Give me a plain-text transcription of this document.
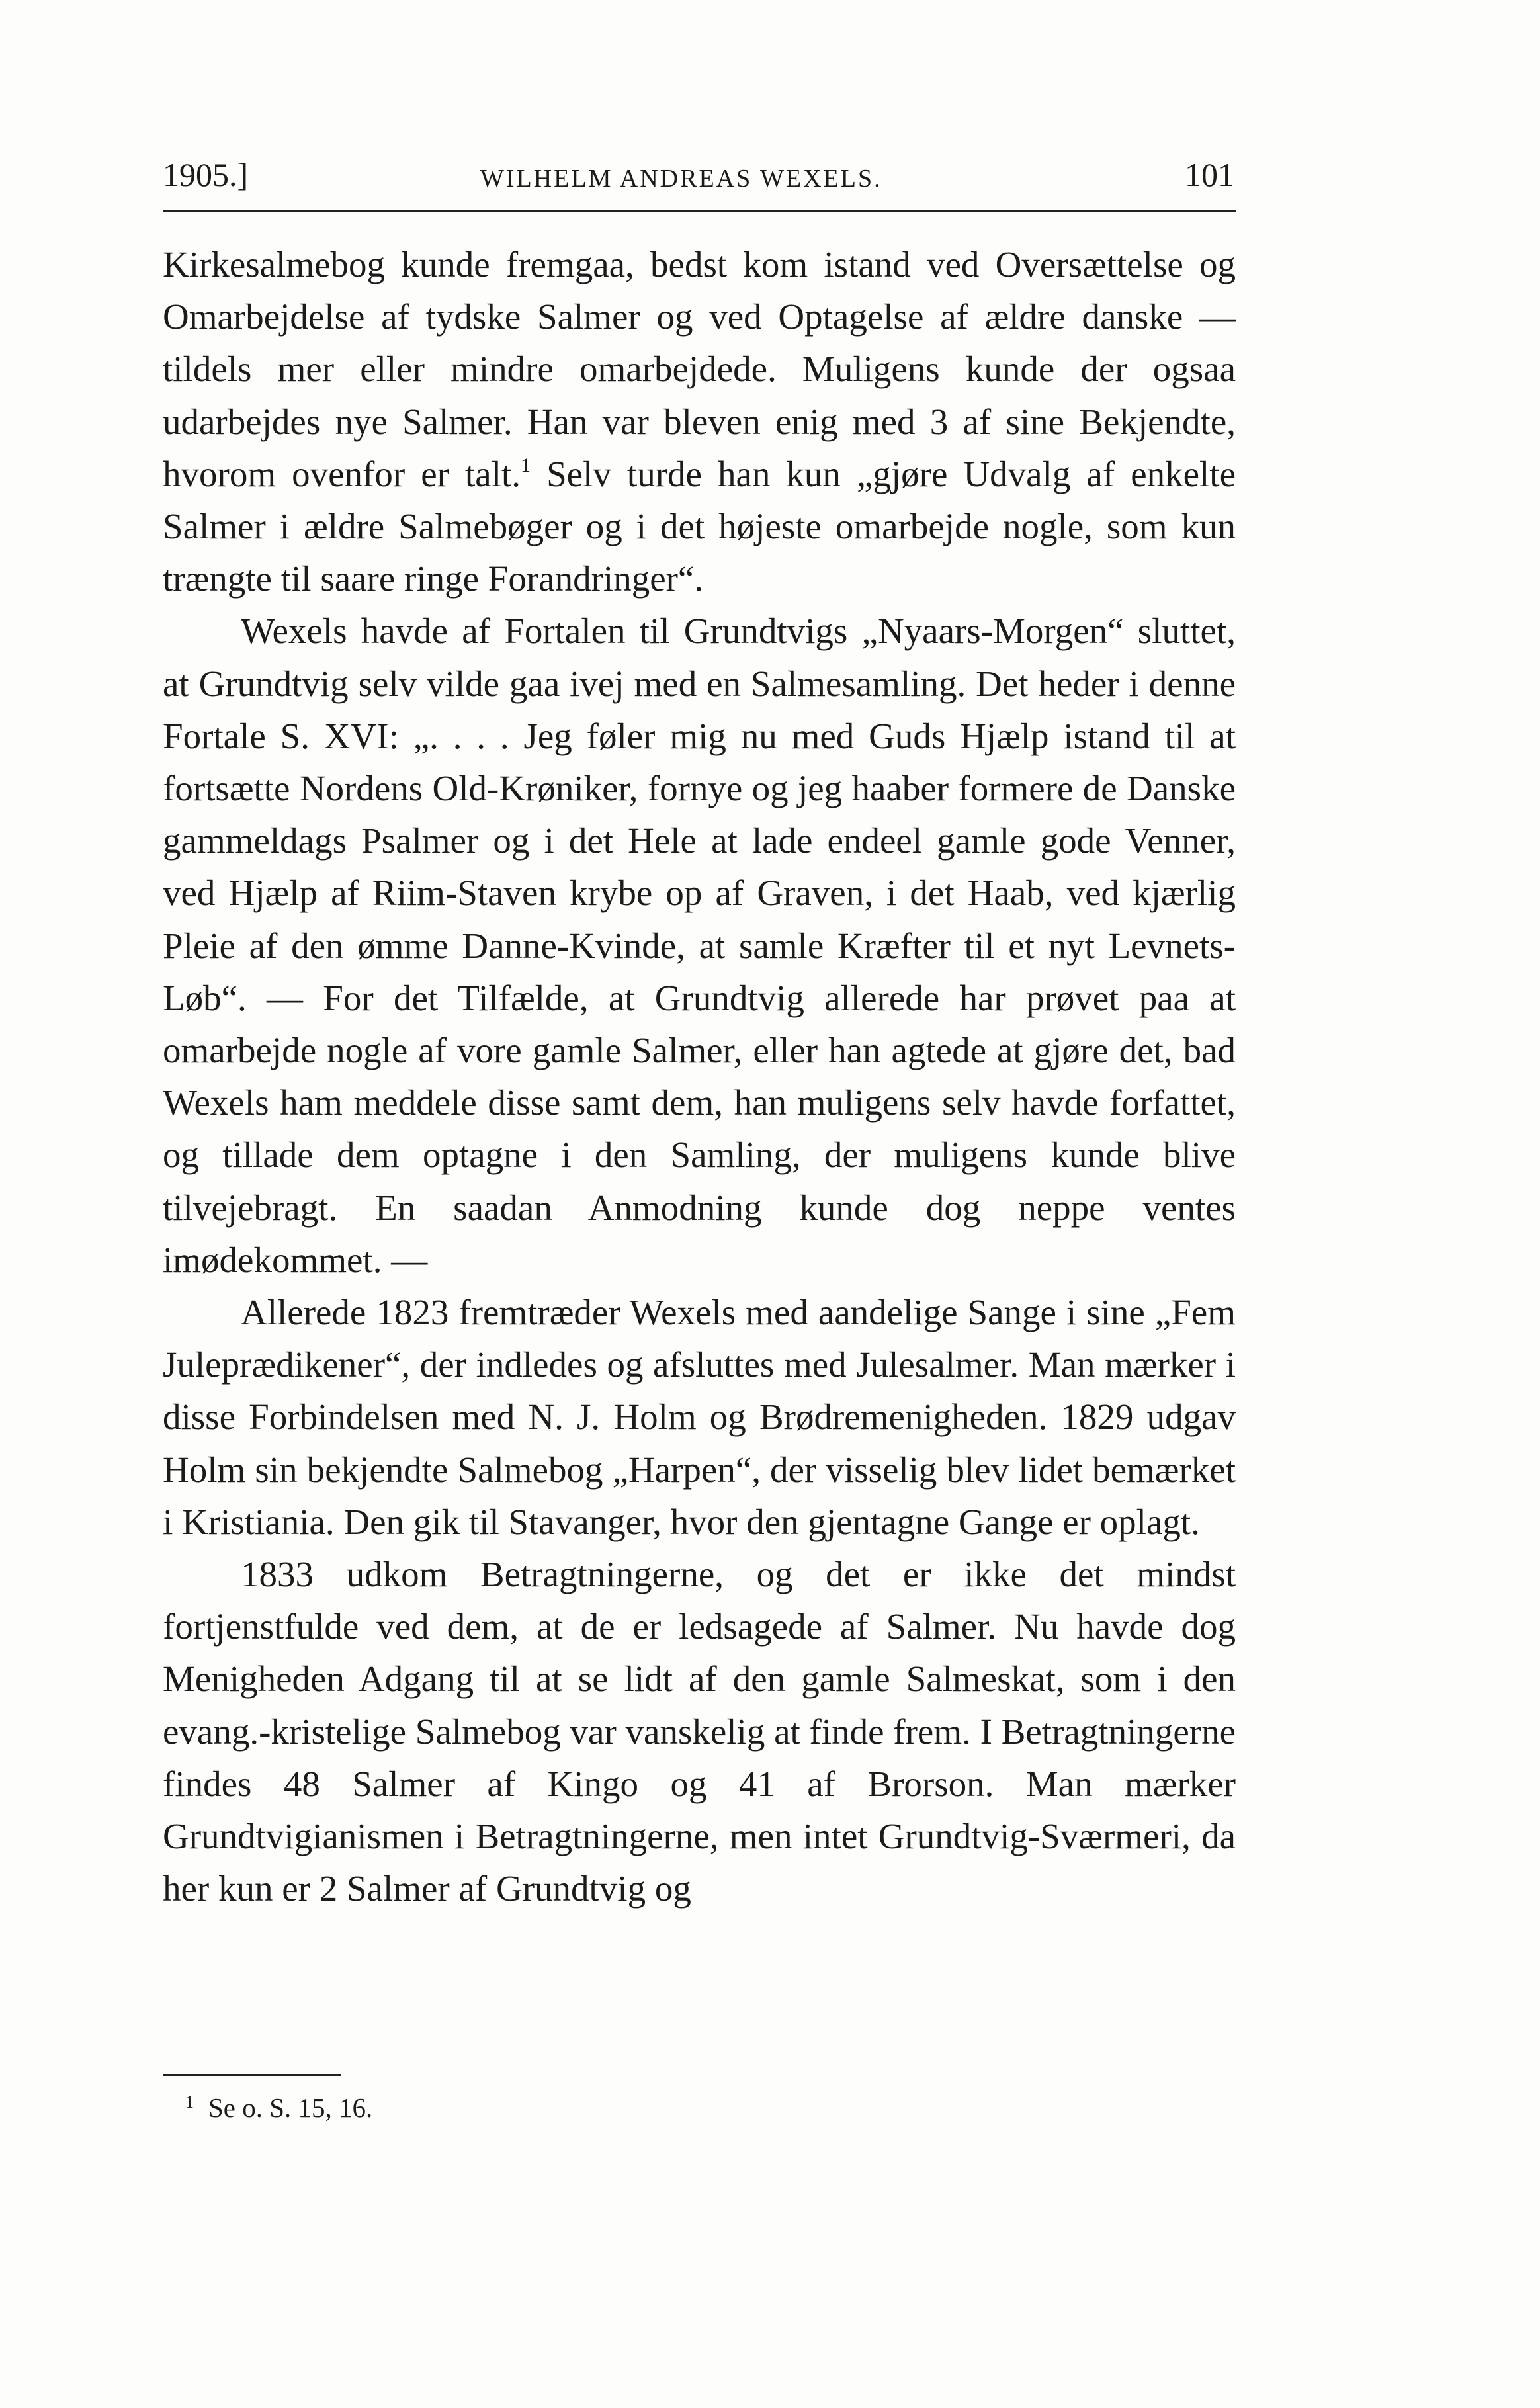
1905.]	WILHELM ANDREAS WEXELS.	101

Kirkesalmebog kunde fremgaa, bedst kom istand ved Oversættelse og Omarbejdelse af tydske Salmer og ved Optagelse af ældre danske — tildels mer eller mindre omarbejdede. Muligens kunde der ogsaa udarbejdes nye Salmer. Han var bleven enig med 3 af sine Bekjendte, hvorom ovenfor er talt.$^1$ Selv turde han kun „gjøre Udvalg af enkelte Salmer i ældre Salmebøger og i det højeste omarbejde nogle, som kun trængte til saare ringe Forandringer“.

Wexels havde af Fortalen til Grundtvigs „Nyaars-Morgen“ sluttet, at Grundtvig selv vilde gaa ivej med en Salmesamling. Det heder i denne Fortale S. XVI: „. . . . Jeg føler mig nu med Guds Hjælp istand til at fortsætte Nordens Old-Krøniker, fornye og jeg haaber formere de Danske gammeldags Psalmer og i det Hele at lade endeel gamle gode Venner, ved Hjælp af Riim-Staven krybe op af Graven, i det Haab, ved kjærlig Pleie af den ømme Danne-Kvinde, at samle Kræfter til et nyt Levnets-Løb“. — For det Tilfælde, at Grundtvig allerede har prøvet paa at omarbejde nogle af vore gamle Salmer, eller han agtede at gjøre det, bad Wexels ham meddele disse samt dem, han muligens selv havde forfattet, og tillade dem optagne i den Samling, der muligens kunde blive tilvejebragt. En saadan Anmodning kunde dog neppe ventes imødekommet. —

Allerede 1823 fremtræder Wexels med aandelige Sange i sine „Fem Juleprædikener“, der indledes og afsluttes med Julesalmer. Man mærker i disse Forbindelsen med N. J. Holm og Brødremenigheden. 1829 udgav Holm sin bekjendte Salmebog „Harpen“, der visselig blev lidet bemærket i Kristiania. Den gik til Stavanger, hvor den gjentagne Gange er oplagt.

1833 udkom Betragtningerne, og det er ikke det mindst fortjenstfulde ved dem, at de er ledsagede af Salmer. Nu havde dog Menigheden Adgang til at se lidt af den gamle Salmeskat, som i den evang.-kristelige Salmebog var vanskelig at finde frem. I Betragtningerne findes 48 Salmer af Kingo og 41 af Brorson. Man mærker Grundtvigianismen i Betragtningerne, men intet Grundtvig-Sværmeri, da her kun er 2 Salmer af Grundtvig og

$^1$ Se o. S. 15, 16.
